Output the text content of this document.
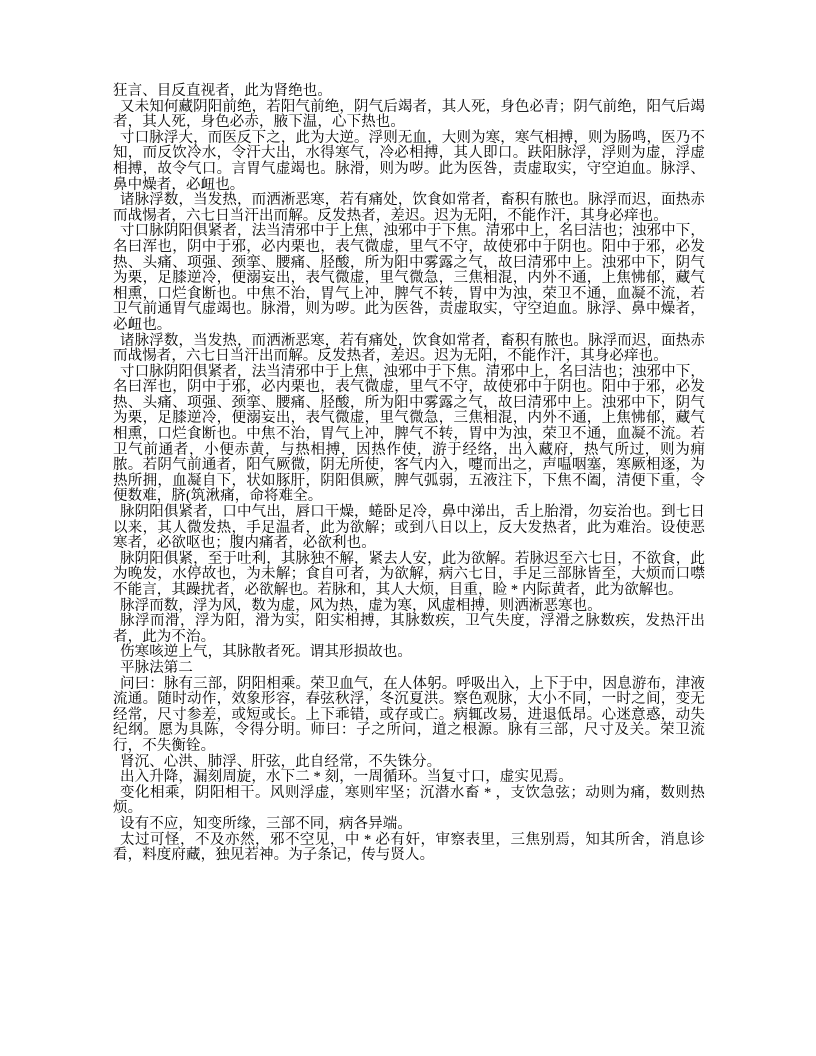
狂言、目反直视者，此为肾绝也。

又未知何藏阴阳前绝，若阳气前绝，阴气后竭者，其人死，身色必青；阴气前绝，阳气后竭者，其人死，身色必赤，腋下温，心下热也。

寸口脉浮大，而医反下之，此为大逆。浮则无血，大则为寒，寒气相搏，则为肠鸣，医乃不知，而反饮冷水，令汗大出，水得寒气，冷必相搏，其人即口。趺阳脉浮，浮则为虚，浮虚相搏，故令气口。言胃气虚竭也。脉滑，则为哕。此为医咎，责虚取实，守空迫血。脉浮、鼻中燥者，必衄也。

诸脉浮数，当发热，而洒淅恶寒，若有痛处，饮食如常者，畜积有脓也。脉浮而迟，面热赤而战惕者，六七日当汗出而解。反发热者，差迟。迟为无阳，不能作汗，其身必痒也。

寸口脉阴阳俱紧者，法当清邪中于上焦，浊邪中于下焦。清邪中上，名曰洁也；浊邪中下，名曰浑也，阴中于邪，必内栗也，表气微虚，里气不守，故使邪中于阴也。阳中于邪，必发热、头痛、项强、颈挛、腰痛、胫酸，所为阳中雾露之气，故曰清邪中上。浊邪中下，阴气为栗，足膝逆冷，便溺妄出，表气微虚，里气微急，三焦相混，内外不通，上焦怫郁，藏气相熏，口烂食断也。中焦不治，胃气上冲，脾气不转，胃中为浊，荣卫不通，血凝不流，若卫气前通胃气虚竭也。脉滑，则为哕。此为医咎，责虚取实，守空迫血。脉浮、鼻中燥者，必衄也。

诸脉浮数，当发热，而洒淅恶寒，若有痛处，饮食如常者，畜积有脓也。脉浮而迟，面热赤而战惕者，六七日当汗出而解。反发热者，差迟。迟为无阳，不能作汗，其身必痒也。

寸口脉阴阳俱紧者，法当清邪中于上焦，浊邪中于下焦。清邪中上，名曰洁也；浊邪中下，名曰浑也，阴中于邪，必内栗也，表气微虚，里气不守，故使邪中于阴也。阳中于邪，必发热、头痛、项强、颈挛、腰痛、胫酸，所为阳中雾露之气，故曰清邪中上。浊邪中下，阴气为栗，足膝逆冷，便溺妄出，表气微虚，里气微急，三焦相混，内外不通，上焦怫郁，藏气相熏，口烂食断也。中焦不治，胃气上冲，脾气不转，胃中为浊，荣卫不通，血凝不流。若卫气前通者，小便赤黄，与热相搏，因热作使，游于经络，出入藏府，热气所过，则为痈脓。若阴气前通者，阳气厥微，阴无所使，客气内入，嚏而出之，声嗢咽塞，寒厥相逐，为热所拥，血凝自下，状如豚肝，阴阳俱厥，脾气弧弱，五液注下，下焦不阖，清便下重，令便数难，脐(筑湫痛，命将难全。

脉阴阳俱紧者，口中气出，唇口干燥，蜷卧足冷，鼻中涕出，舌上胎滑，勿妄治也。到七日以来，其人微发热，手足温者，此为欲解；或到八日以上，反大发热者，此为难治。设使恶寒者，必欲呕也；腹内痛者，必欲利也。

脉阴阳俱紧，至于吐利，其脉独不解，紧去人安，此为欲解。若脉迟至六七日，不欲食，此为晚发，水停故也，为未解；食自可者，为欲解，病六七日，手足三部脉皆至，大烦而口噤不能言，其躁扰者，必欲解也。若脉和，其人大烦，目重，睑 * 内际黄者，此为欲解也。

脉浮而数，浮为风，数为虚，风为热，虚为寒，风虚相搏，则洒淅恶寒也。

脉浮而滑，浮为阳，滑为实，阳实相搏，其脉数疾，卫气失度，浮滑之脉数疾，发热汗出者，此为不治。

伤寒咳逆上气，其脉散者死。谓其形损故也。

平脉法第二

问曰：脉有三部，阴阳相乘。荣卫血气，在人体躬。呼吸出入，上下于中，因息游布，津液流通。随时动作，效象形容，春弦秋浮，冬沉夏洪。察色观脉，大小不同，一时之间，变无经常，尺寸参差，或短或长。上下乖错，或存或亡。病辄改易，进退低昂。心迷意惑，动失纪纲。愿为具陈，令得分明。师曰：子之所问，道之根源。脉有三部，尺寸及关。荣卫流行，不失衡铨。

肾沉、心洪、肺浮、肝弦，此自经常，不失铢分。

出入升降，漏刻周旋，水下二 * 刻，一周循环。当复寸口，虚实见焉。

变化相乘，阴阳相干。风则浮虚，寒则牢坚；沉潜水畜 * ，支饮急弦；动则为痛，数则热烦。

设有不应，知变所缘，三部不同，病各异端。

太过可怪，不及亦然，邪不空见，中 * 必有奸，审察表里，三焦别焉，知其所舍，消息诊看，料度府藏，独见若神。为子条记，传与贤人。
